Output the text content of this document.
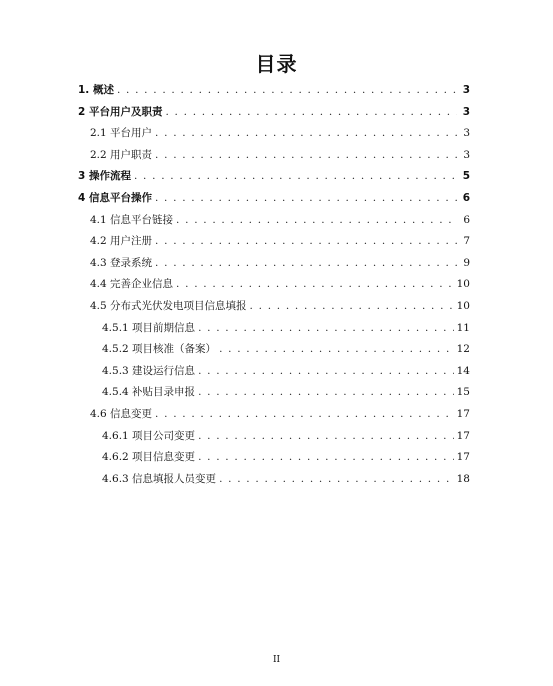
目录
1. 概述 . . .	3
2 平台用户及职责 . . .	3
2.1 平台用户 . . .	3
2.2 用户职责 . . .	3
3 操作流程 . . .	5
4 信息平台操作 . . .	6
4.1 信息平台链接 . . .	6
4.2 用户注册 . . .	7
4.3 登录系统 . . .	9
4.4 完善企业信息 . . .	10
4.5 分布式光伏发电项目信息填报 . . .	10
4.5.1 项目前期信息 . . .	11
4.5.2 项目核准（备案） . . .	12
4.5.3 建设运行信息 . . .	14
4.5.4 补贴目录申报 . . .	15
4.6 信息变更 . . .	17
4.6.1 项目公司变更 . . .	17
4.6.2 项目信息变更 . . .	17
4.6.3 信息填报人员变更 . . .	18
II
